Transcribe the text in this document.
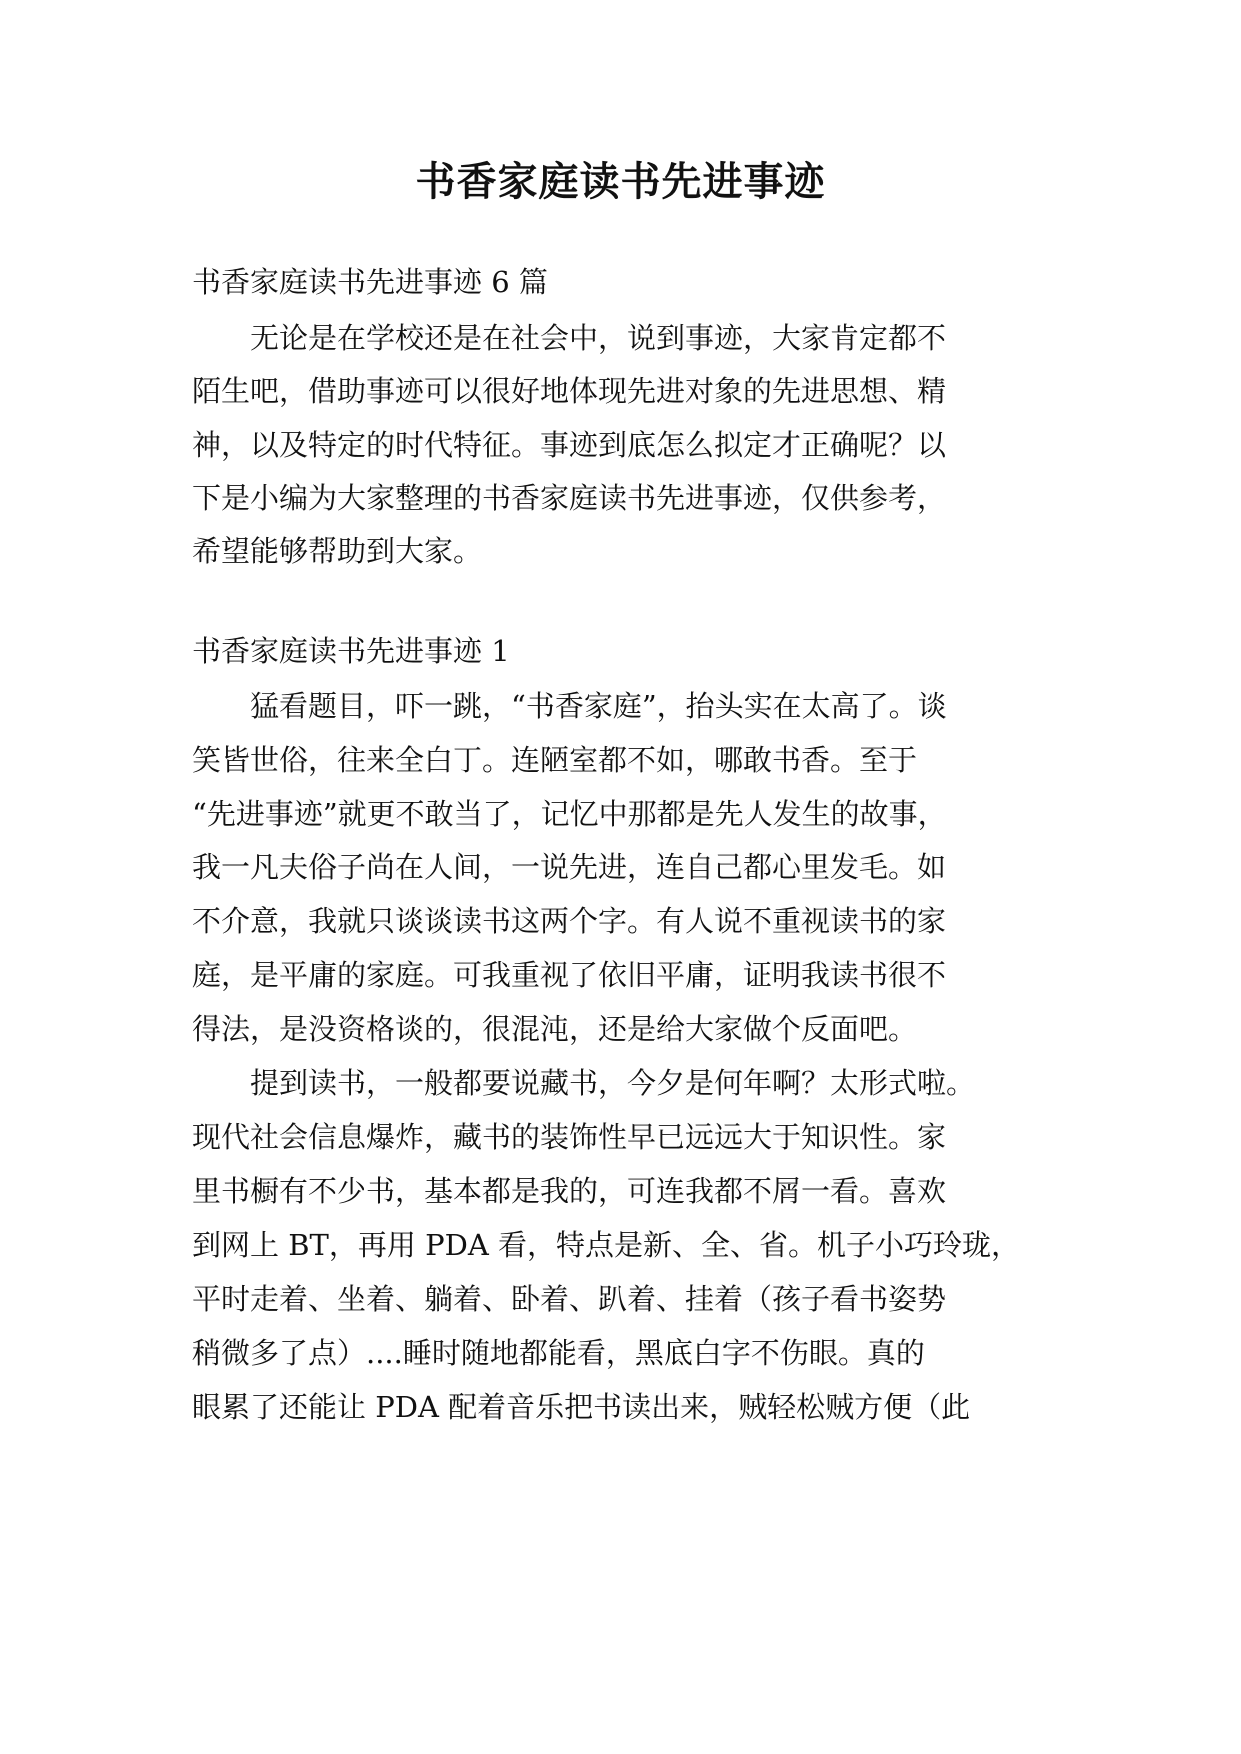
书香家庭读书先进事迹

书香家庭读书先进事迹 6 篇

　　无论是在学校还是在社会中，说到事迹，大家肯定都不

陌生吧，借助事迹可以很好地体现先进对象的先进思想、精

神，以及特定的时代特征。事迹到底怎么拟定才正确呢？以

下是小编为大家整理的书香家庭读书先进事迹，仅供参考，

希望能够帮助到大家。

书香家庭读书先进事迹 1

　　猛看题目，吓一跳，“书香家庭”，抬头实在太高了。谈

笑皆世俗，往来全白丁。连陋室都不如，哪敢书香。至于

“先进事迹”就更不敢当了，记忆中那都是先人发生的故事，

我一凡夫俗子尚在人间，一说先进，连自己都心里发毛。如

不介意，我就只谈谈读书这两个字。有人说不重视读书的家

庭，是平庸的家庭。可我重视了依旧平庸，证明我读书很不

得法，是没资格谈的，很混沌，还是给大家做个反面吧。

　　提到读书，一般都要说藏书，今夕是何年啊？太形式啦。

现代社会信息爆炸，藏书的装饰性早已远远大于知识性。家

里书橱有不少书，基本都是我的，可连我都不屑一看。喜欢

到网上 BT，再用 PDA 看，特点是新、全、省。机子小巧玲珑，

平时走着、坐着、躺着、卧着、趴着、挂着（孩子看书姿势

稍微多了点）....睡时随地都能看，黑底白字不伤眼。真的

眼累了还能让 PDA 配着音乐把书读出来，贼轻松贼方便（此
